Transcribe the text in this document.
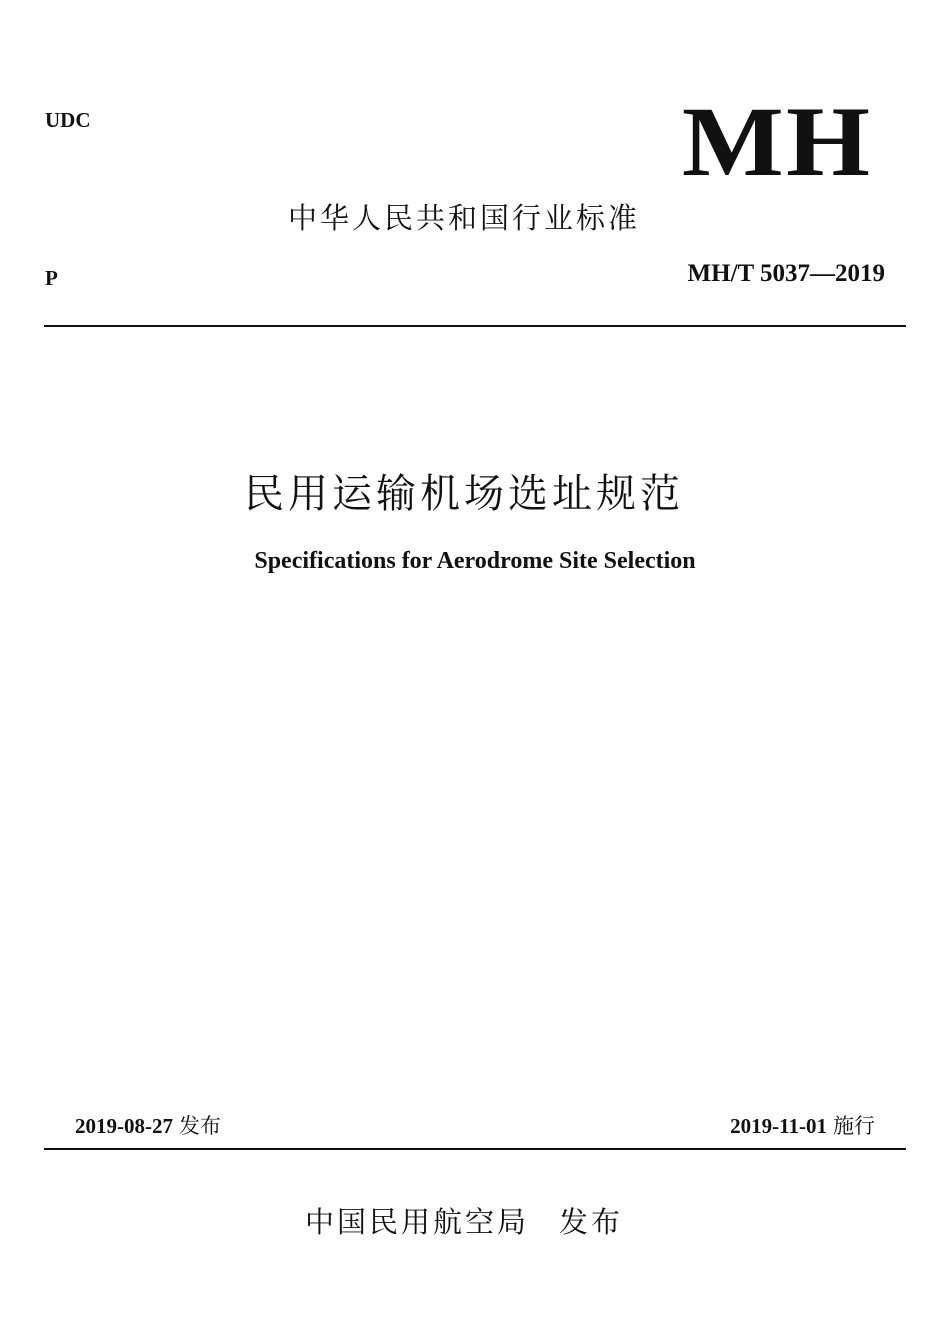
UDC	MH
中华人民共和国行业标准
P	MH/T 5037—2019
民用运输机场选址规范
Specifications for Aerodrome Site Selection
2019-08-27 发布	2019-11-01 施行
中国民用航空局 发布
